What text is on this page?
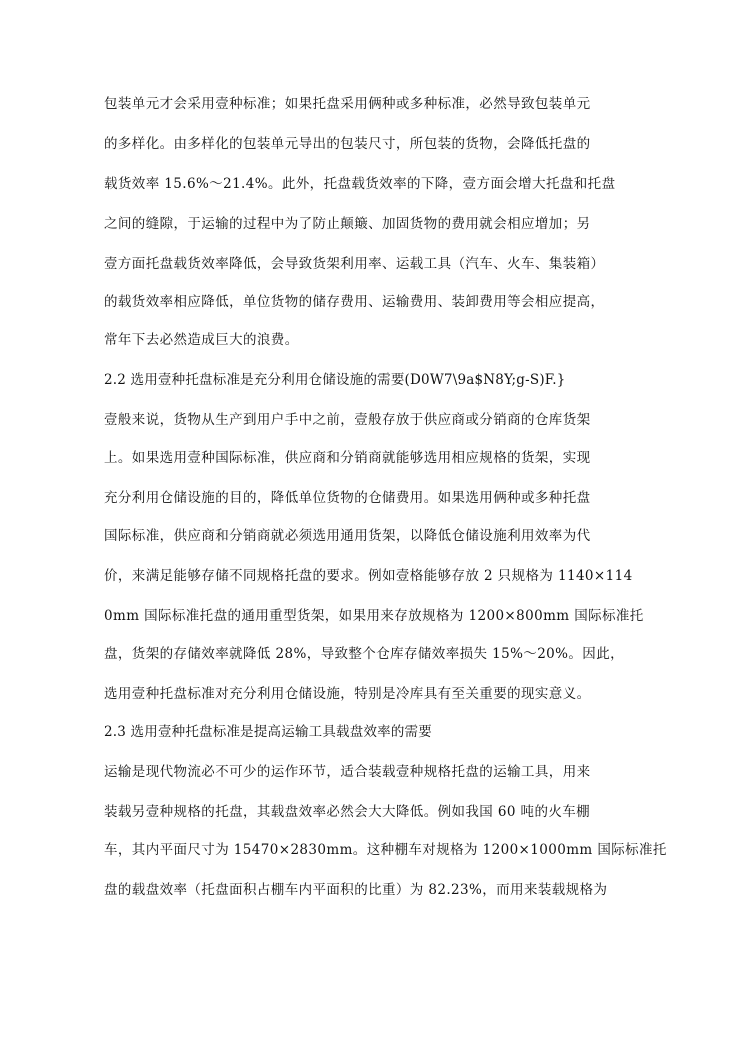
包装单元才会采用壹种标准；如果托盘采用俩种或多种标准，必然导致包装单元
的多样化。由多样化的包装单元导出的包装尺寸，所包装的货物，会降低托盘的
载货效率 15.6%～21.4%。此外，托盘载货效率的下降，壹方面会增大托盘和托盘
之间的缝隙，于运输的过程中为了防止颠簸、加固货物的费用就会相应增加；另
壹方面托盘载货效率降低，会导致货架利用率、运载工具（汽车、火车、集装箱）
的载货效率相应降低，单位货物的储存费用、运输费用、装卸费用等会相应提高，
常年下去必然造成巨大的浪费。
2.2 选用壹种托盘标准是充分利用仓储设施的需要(D0W7\9a$N8Y;g-S)F.}
壹般来说，货物从生产到用户手中之前，壹般存放于供应商或分销商的仓库货架
上。如果选用壹种国际标准，供应商和分销商就能够选用相应规格的货架，实现
充分利用仓储设施的目的，降低单位货物的仓储费用。如果选用俩种或多种托盘
国际标准，供应商和分销商就必须选用通用货架，以降低仓储设施利用效率为代
价，来满足能够存储不同规格托盘的要求。例如壹格能够存放 2 只规格为 1140×114
0mm 国际标准托盘的通用重型货架，如果用来存放规格为 1200×800mm 国际标准托
盘，货架的存储效率就降低 28%，导致整个仓库存储效率损失 15%～20%。因此，
选用壹种托盘标准对充分利用仓储设施，特别是冷库具有至关重要的现实意义。
2.3 选用壹种托盘标准是提高运输工具载盘效率的需要
运输是现代物流必不可少的运作环节，适合装载壹种规格托盘的运输工具，用来
装载另壹种规格的托盘，其载盘效率必然会大大降低。例如我国 60 吨的火车棚
车，其内平面尺寸为 15470×2830mm。这种棚车对规格为 1200×1000mm 国际标准托
盘的载盘效率（托盘面积占棚车内平面积的比重）为 82.23%，而用来装载规格为
